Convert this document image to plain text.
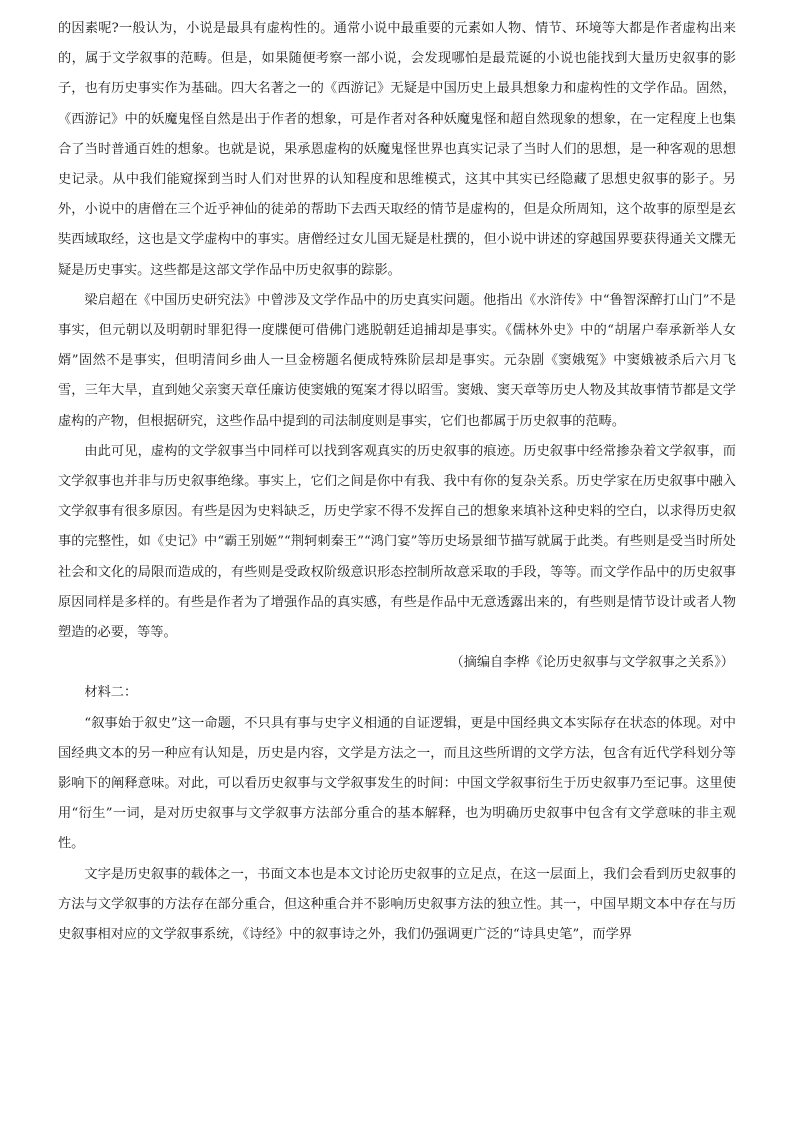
的因素呢?一般认为，小说是最具有虚构性的。通常小说中最重要的元素如人物、情节、环境等大都是作者虚构出来的，属于文学叙事的范畴。但是，如果随便考察一部小说，会发现哪怕是最荒诞的小说也能找到大量历史叙事的影子，也有历史事实作为基础。四大名著之一的《西游记》无疑是中国历史上最具想象力和虚构性的文学作品。固然，《西游记》中的妖魔鬼怪自然是出于作者的想象，可是作者对各种妖魔鬼怪和超自然现象的想象，在一定程度上也集合了当时普通百姓的想象。也就是说，果承恩虚构的妖魔鬼怪世界也真实记录了当时人们的思想，是一种客观的思想史记录。从中我们能窥探到当时人们对世界的认知程度和思维模式，这其中其实已经隐藏了思想史叙事的影子。另外，小说中的唐僧在三个近乎神仙的徒弟的帮助下去西天取经的情节是虚构的，但是众所周知，这个故事的原型是玄奘西域取经，这也是文学虚构中的事实。唐僧经过女儿国无疑是杜撰的，但小说中讲述的穿越国界要获得通关文牒无疑是历史事实。这些都是这部文学作品中历史叙事的踪影。

梁启超在《中国历史研究法》中曾涉及文学作品中的历史真实问题。他指出《水浒传》中“鲁智深醉打山门”不是事实，但元朝以及明朝时罪犯得一度牒便可借佛门逃脱朝廷追捕却是事实。《儒林外史》中的“胡屠户奉承新举人女婿”固然不是事实，但明清间乡曲人一旦金榜题名便成特殊阶层却是事实。元杂剧《窦娥冤》中窦娥被杀后六月飞雪，三年大旱，直到她父亲窦天章任廉访使窦娥的冤案才得以昭雪。窦娥、窦天章等历史人物及其故事情节都是文学虚构的产物，但根据研究，这些作品中提到的司法制度则是事实，它们也都属于历史叙事的范畴。

由此可见，虚构的文学叙事当中同样可以找到客观真实的历史叙事的痕迹。历史叙事中经常掺杂着文学叙事，而文学叙事也并非与历史叙事绝缘。事实上，它们之间是你中有我、我中有你的复杂关系。历史学家在历史叙事中融入文学叙事有很多原因。有些是因为史料缺乏，历史学家不得不发挥自己的想象来填补这种史料的空白，以求得历史叙事的完整性，如《史记》中“霸王别姬”“荆轲刺秦王”“鸿门宴”等历史场景细节描写就属于此类。有些则是受当时所处社会和文化的局限而造成的，有些则是受政权阶级意识形态控制所故意采取的手段，等等。而文学作品中的历史叙事原因同样是多样的。有些是作者为了增强作品的真实感，有些是作品中无意透露出来的，有些则是情节设计或者人物塑造的必要，等等。

（摘编自李桦《论历史叙事与文学叙事之关系》）

材料二：

“叙事始于叙史”这一命题，不只具有事与史字义相通的自证逻辑，更是中国经典文本实际存在状态的体现。对中国经典文本的另一种应有认知是，历史是内容，文学是方法之一，而且这些所谓的文学方法，包含有近代学科划分等影响下的阐释意味。对此，可以看历史叙事与文学叙事发生的时间：中国文学叙事衍生于历史叙事乃至记事。这里使用“衍生”一词，是对历史叙事与文学叙事方法部分重合的基本解释，也为明确历史叙事中包含有文学意味的非主观性。

文字是历史叙事的载体之一，书面文本也是本文讨论历史叙事的立足点，在这一层面上，我们会看到历史叙事的方法与文学叙事的方法存在部分重合，但这种重合并不影响历史叙事方法的独立性。其一，中国早期文本中存在与历史叙事相对应的文学叙事系统，《诗经》中的叙事诗之外，我们仍强调更广泛的“诗具史笔”，而学界
